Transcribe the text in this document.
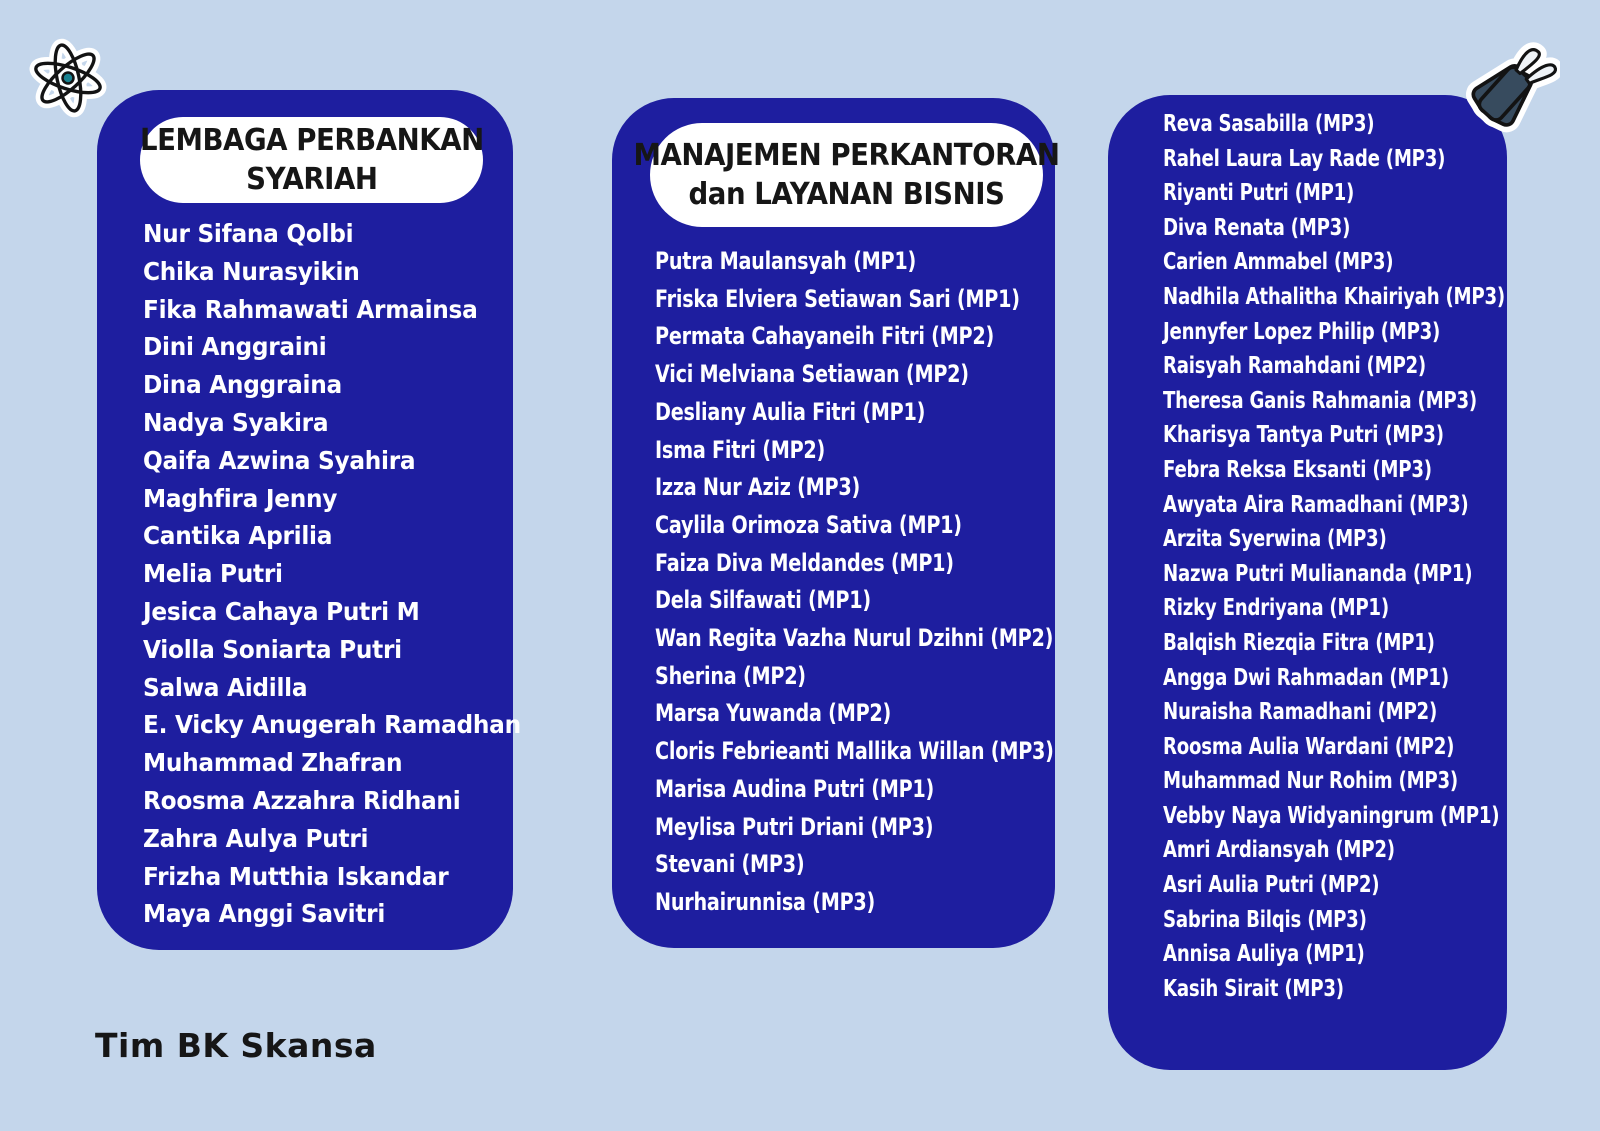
LEMBAGA PERBANKAN
SYARIAH
Nur Sifana Qolbi
Chika Nurasyikin
Fika Rahmawati Armainsa
Dini Anggraini
Dina Anggraina
Nadya Syakira
Qaifa Azwina Syahira
Maghfira Jenny
Cantika Aprilia
Melia Putri
Jesica Cahaya Putri M
Violla Soniarta Putri
Salwa Aidilla
E. Vicky Anugerah Ramadhan
Muhammad Zhafran
Roosma Azzahra Ridhani
Zahra Aulya Putri
Frizha Mutthia Iskandar
Maya Anggi Savitri
MANAJEMEN PERKANTORAN
dan LAYANAN BISNIS
Putra Maulansyah (MP1)
Friska Elviera Setiawan Sari (MP1)
Permata Cahayaneih Fitri (MP2)
Vici Melviana Setiawan (MP2)
Desliany Aulia Fitri (MP1)
Isma Fitri (MP2)
Izza Nur Aziz (MP3)
Caylila Orimoza Sativa (MP1)
Faiza Diva Meldandes (MP1)
Dela Silfawati (MP1)
Wan Regita Vazha Nurul Dzihni (MP2)
Sherina (MP2)
Marsa Yuwanda (MP2)
Cloris Febrieanti Mallika Willan (MP3)
Marisa Audina Putri (MP1)
Meylisa Putri Driani (MP3)
Stevani (MP3)
Nurhairunnisa (MP3)
Reva Sasabilla (MP3)
Rahel Laura Lay Rade (MP3)
Riyanti Putri (MP1)
Diva Renata (MP3)
Carien Ammabel (MP3)
Nadhila Athalitha Khairiyah (MP3)
Jennyfer Lopez Philip (MP3)
Raisyah Ramahdani (MP2)
Theresa Ganis Rahmania (MP3)
Kharisya Tantya Putri (MP3)
Febra Reksa Eksanti (MP3)
Awyata Aira Ramadhani (MP3)
Arzita Syerwina (MP3)
Nazwa Putri Muliananda (MP1)
Rizky Endriyana (MP1)
Balqish Riezqia Fitra (MP1)
Angga Dwi Rahmadan (MP1)
Nuraisha Ramadhani (MP2)
Roosma Aulia Wardani (MP2)
Muhammad Nur Rohim (MP3)
Vebby Naya Widyaningrum (MP1)
Amri Ardiansyah (MP2)
Asri Aulia Putri (MP2)
Sabrina Bilqis (MP3)
Annisa Auliya (MP1)
Kasih Sirait (MP3)
Tim BK Skansa
